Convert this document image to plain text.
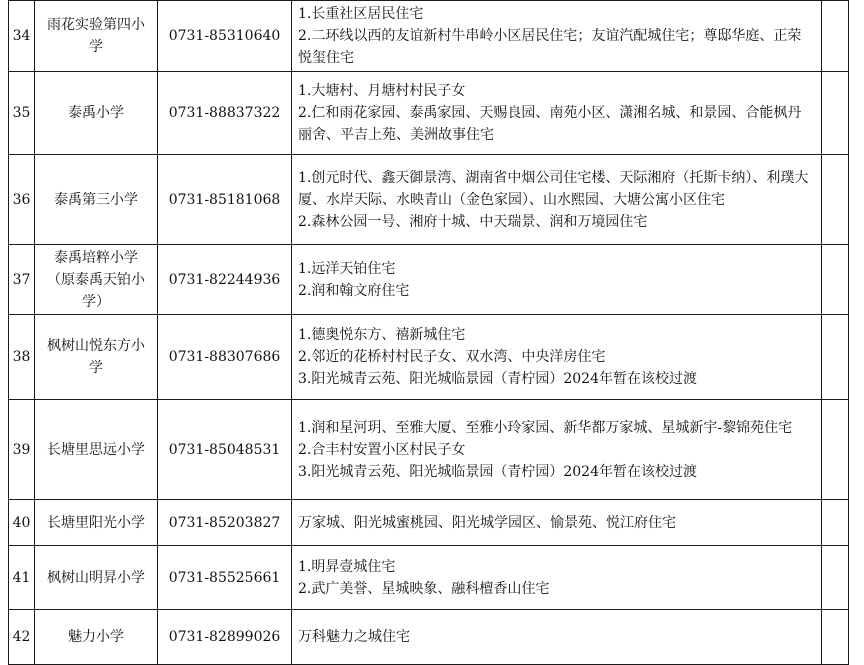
34	雨花实验第四小学	0731-85310640	1.长重社区居民住宅
2.二环线以西的友谊新村牛串岭小区居民住宅；友谊汽配城住宅；尊邸华庭、正荣悦玺住宅	

35	泰禹小学	0731-88837322	1.大塘村、月塘村村民子女
2.仁和雨花家园、泰禹家园、天赐良园、南苑小区、潇湘名城、和景园、合能枫丹丽舍、平吉上苑、美洲故事住宅	

36	泰禹第三小学	0731-85181068	1.创元时代、鑫天御景湾、湖南省中烟公司住宅楼、天际湘府（托斯卡纳）、利璞大厦、水岸天际、水映青山（金色家园）、山水熙园、大塘公寓小区住宅
2.森林公园一号、湘府十城、中天瑞景、润和万境园住宅	

37	泰禹培粹小学（原泰禹天铂小学）	0731-82244936	1.远洋天铂住宅
2.润和翰文府住宅	

38	枫树山悦东方小学	0731-88307686	1.德奥悦东方、禧新城住宅
2.邻近的花桥村村民子女、双水湾、中央洋房住宅
3.阳光城青云苑、阳光城临景园（青柠园）2024年暂在该校过渡	

39	长塘里思远小学	0731-85048531	1.润和星河玥、至雅大厦、至雅小玲家园、新华都万家城、星城新宇-黎锦苑住宅
2.合丰村安置小区村民子女
3.阳光城青云苑、阳光城临景园（青柠园）2024年暂在该校过渡	

40	长塘里阳光小学	0731-85203827	万家城、阳光城蜜桃园、阳光城学园区、愉景苑、悦江府住宅	

41	枫树山明昇小学	0731-85525661	1.明昇壹城住宅
2.武广美誉、星城映象、融科檀香山住宅	

42	魅力小学	0731-82899026	万科魅力之城住宅	
